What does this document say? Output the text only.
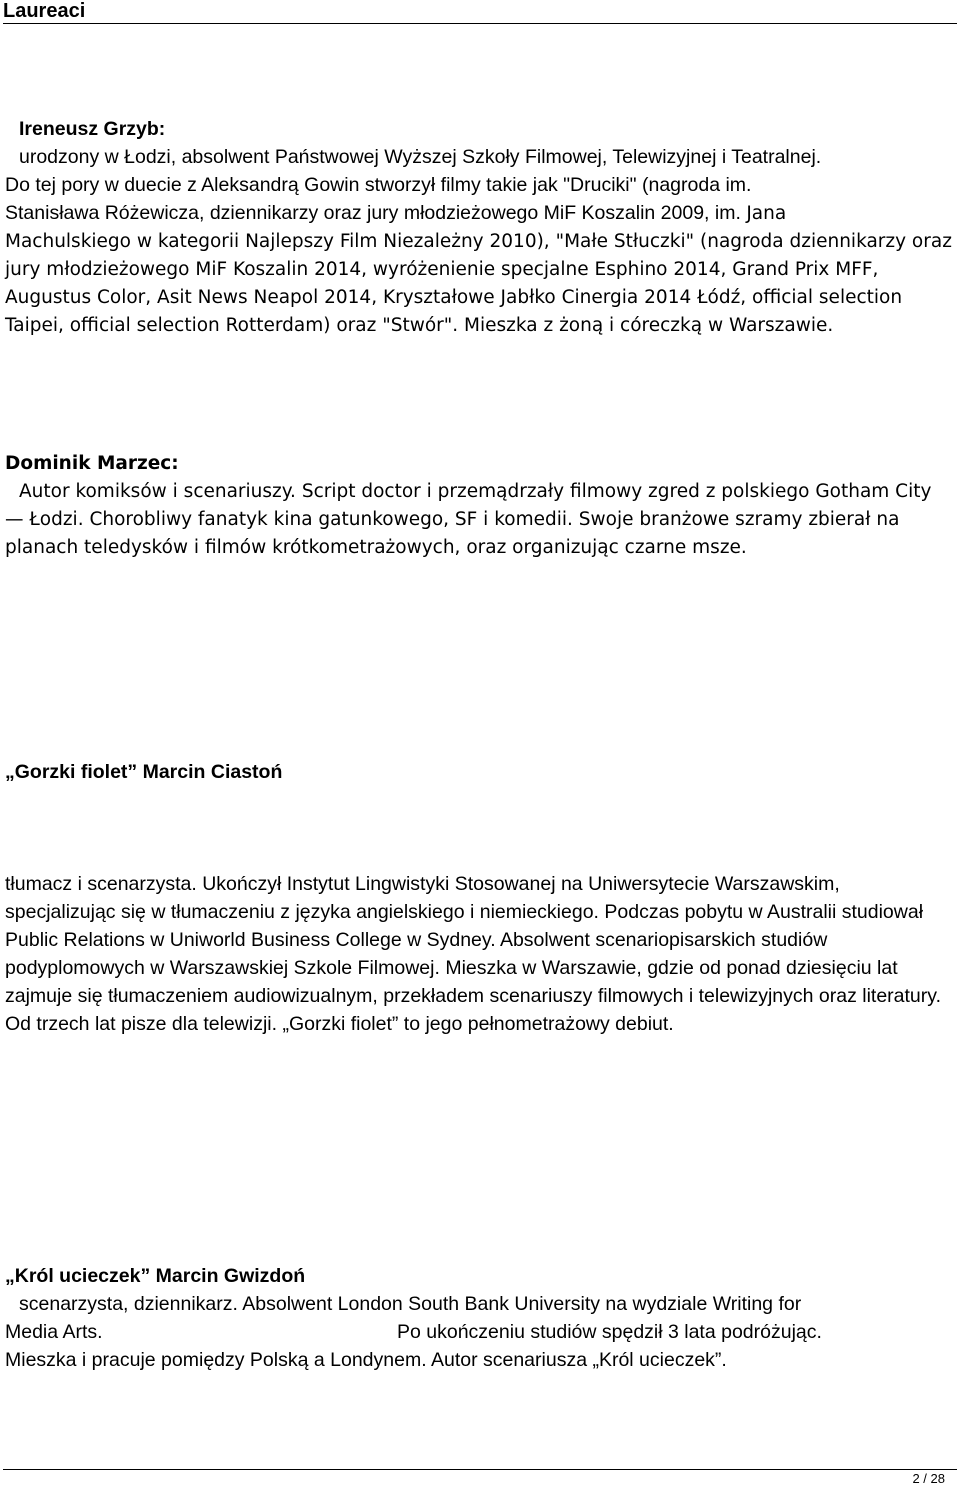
Laureaci
Ireneusz Grzyb:
urodzony w Łodzi, absolwent Państwowej Wyższej Szkoły Filmowej, Telewizyjnej i Teatralnej.
Do tej pory w duecie z Aleksandrą Gowin stworzył filmy takie jak "Druciki" (nagroda im.
Stanisława Różewicza, dziennikarzy oraz jury młodzieżowego MiF Koszalin 2009, im. Jana
Machulskiego w kategorii Najlepszy Film Niezależny 2010), "Małe Stłuczki" (nagroda dziennikarzy oraz jury młodzieżowego MiF Koszalin 2014, wyróżenienie specjalne Esphino 2014, Grand Prix MFF, Augustus Color, Asit News Neapol 2014, Kryształowe Jabłko Cinergia 2014 Łódź, official selection Taipei, official selection Rotterdam) oraz "Stwór". Mieszka z żoną i córeczką w Warszawie.
Dominik Marzec:
Autor komiksów i scenariuszy. Script doctor i przemądrzały filmowy zgred z polskiego Gotham City — Łodzi. Chorobliwy fanatyk kina gatunkowego, SF i komedii. Swoje branżowe szramy zbierał na planach teledysków i filmów krótkometrażowych, oraz organizując czarne msze.
„Gorzki fiolet” Marcin Ciastoń
tłumacz i scenarzysta. Ukończył Instytut Lingwistyki Stosowanej na Uniwersytecie Warszawskim, specjalizując się w tłumaczeniu z języka angielskiego i niemieckiego. Podczas pobytu w Australii studiował Public Relations w Uniworld Business College w Sydney. Absolwent scenariopisarskich studiów podyplomowych w Warszawskiej Szkole Filmowej. Mieszka w Warszawie, gdzie od ponad dziesięciu lat zajmuje się tłumaczeniem audiowizualnym, przekładem scenariuszy filmowych i telewizyjnych oraz literatury. Od trzech lat pisze dla telewizji. „Gorzki fiolet” to jego pełnometrażowy debiut.
„Król ucieczek” Marcin Gwizdoń
scenarzysta, dziennikarz. Absolwent London South Bank University na wydziale Writing for
Media Arts.	Po ukończeniu studiów spędził 3 lata podróżując.
Mieszka i pracuje pomiędzy Polską a Londynem. Autor scenariusza „Król ucieczek”.
2 / 28
